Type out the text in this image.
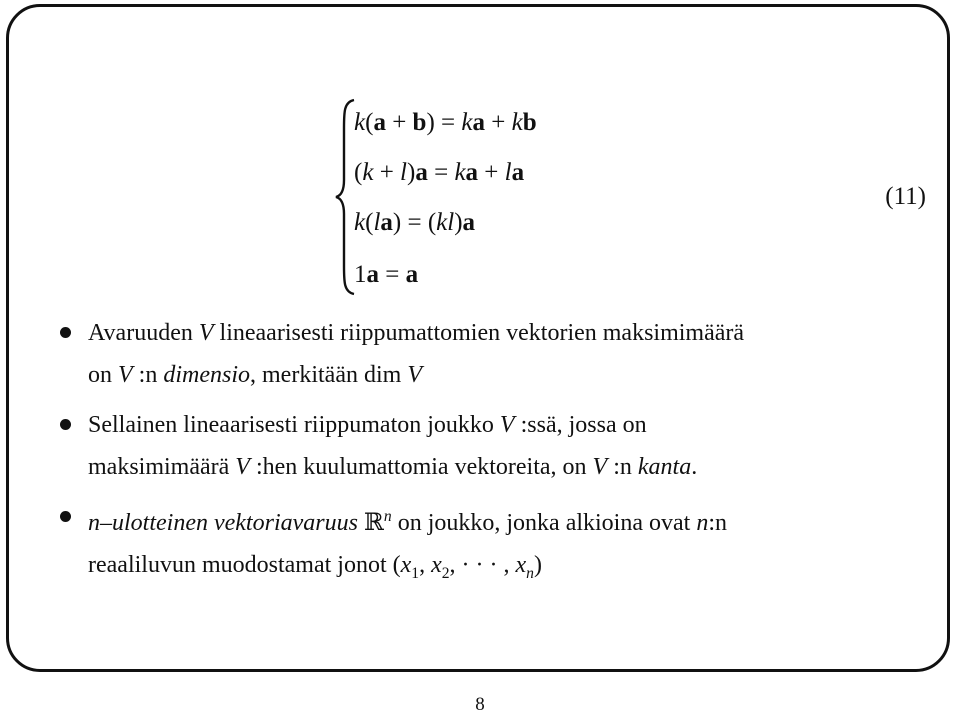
k(a + b) = ka + kb
(k + l)a = ka + la
k(la) = (kl)a
1a = a
(11)
Avaruuden V lineaarisesti riippumattomien vektorien maksimimäärä
on V :n dimensio, merkitään dim V
Sellainen lineaarisesti riippumaton joukko V :ssä, jossa on
maksimimäärä V :hen kuulumattomia vektoreita, on V :n kanta.
n–ulotteinen vektoriavaruus ℝ$^n$ on joukko, jonka alkioina ovat n:n
reaaliluvun muodostamat jonot ($x_1$, $x_2$, · · · , $x_n$)
8
